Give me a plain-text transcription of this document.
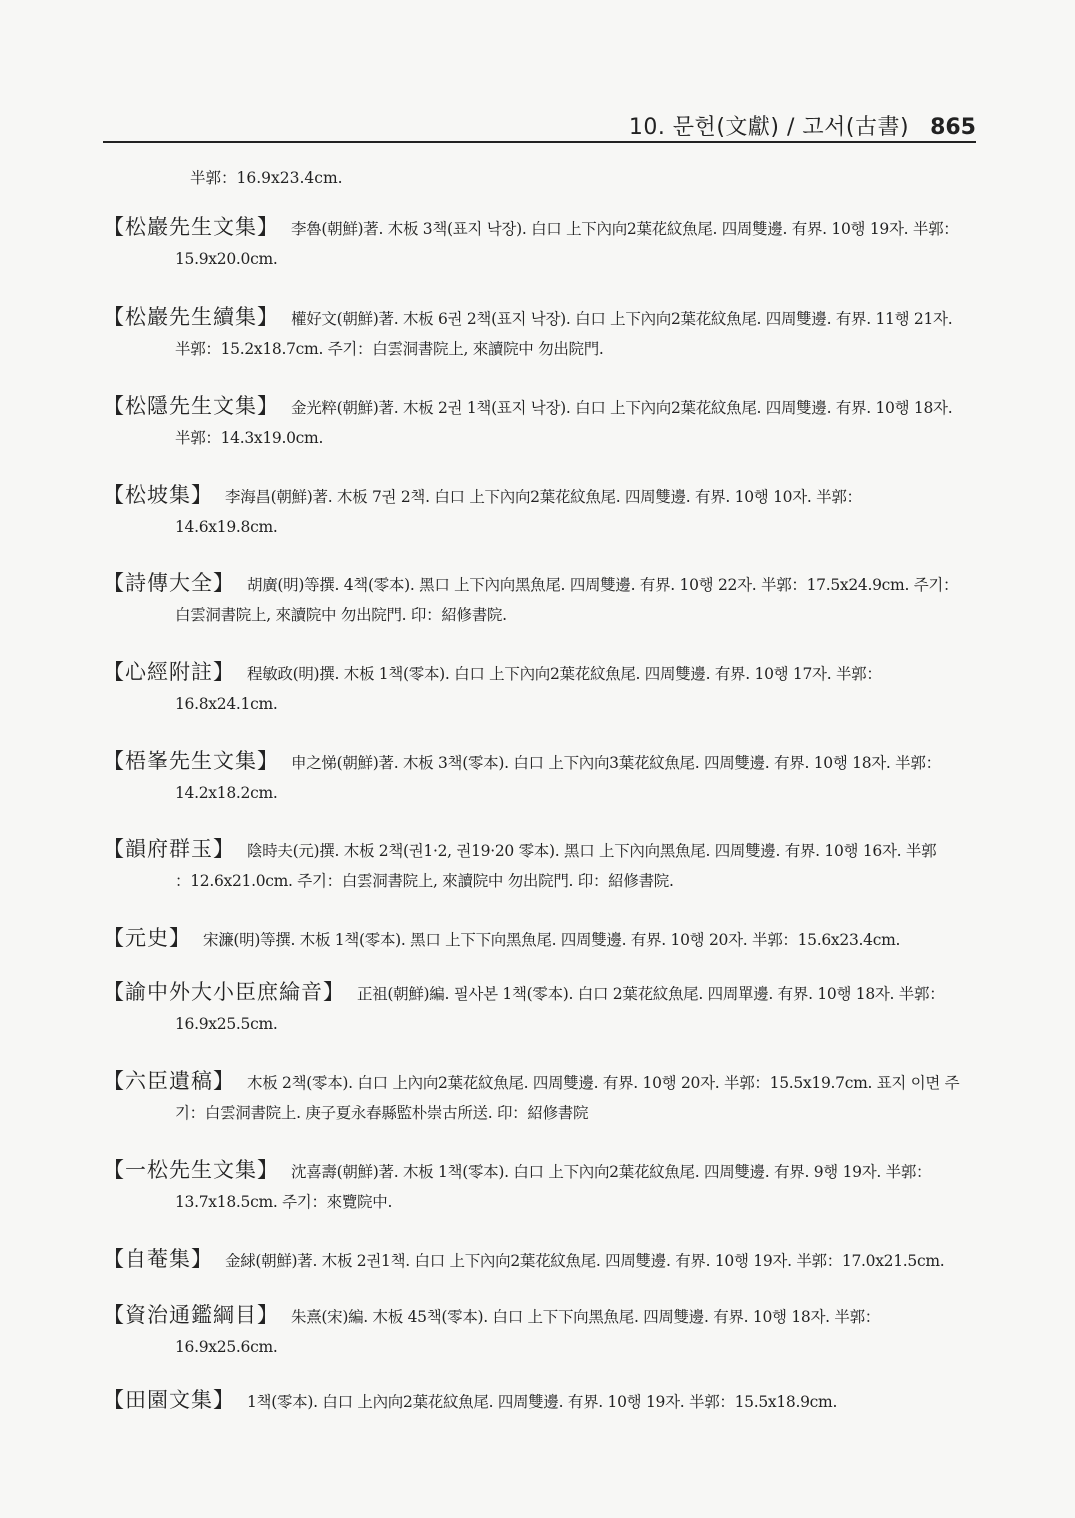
10. 문헌(文獻) / 고서(古書) 865
半郭：16.9x23.4cm.
【松巖先生文集】 李魯(朝鮮)著. 木板 3책(표지 낙장). 白口 上下內向2葉花紋魚尾. 四周雙邊. 有界. 10행 19자. 半郭：
15.9x20.0cm.
【松巖先生續集】 權好文(朝鮮)著. 木板 6권 2책(표지 낙장). 白口 上下內向2葉花紋魚尾. 四周雙邊. 有界. 11행 21자.
半郭：15.2x18.7cm. 주기：白雲洞書院上, 來讀院中 勿出院門.
【松隱先生文集】 金光粹(朝鮮)著. 木板 2권 1책(표지 낙장). 白口 上下內向2葉花紋魚尾. 四周雙邊. 有界. 10행 18자.
半郭：14.3x19.0cm.
【松坡集】 李海昌(朝鮮)著. 木板 7권 2책. 白口 上下內向2葉花紋魚尾. 四周雙邊. 有界. 10행 10자. 半郭：
14.6x19.8cm.
【詩傳大全】 胡廣(明)等撰. 4책(零本). 黑口 上下內向黑魚尾. 四周雙邊. 有界. 10행 22자. 半郭：17.5x24.9cm. 주기：
白雲洞書院上, 來讀院中 勿出院門. 印：紹修書院.
【心經附註】 程敏政(明)撰. 木板 1책(零本). 白口 上下內向2葉花紋魚尾. 四周雙邊. 有界. 10행 17자. 半郭：
16.8x24.1cm.
【梧峯先生文集】 申之悌(朝鮮)著. 木板 3책(零本). 白口 上下內向3葉花紋魚尾. 四周雙邊. 有界. 10행 18자. 半郭：
14.2x18.2cm.
【韻府群玉】 陰時夫(元)撰. 木板 2책(권1·2, 권19·20 零本). 黑口 上下內向黑魚尾. 四周雙邊. 有界. 10행 16자. 半郭
：12.6x21.0cm. 주기：白雲洞書院上, 來讀院中 勿出院門. 印：紹修書院.
【元史】 宋濂(明)等撰. 木板 1책(零本). 黑口 上下下向黑魚尾. 四周雙邊. 有界. 10행 20자. 半郭：15.6x23.4cm.
【諭中外大小臣庶綸音】 正祖(朝鮮)編. 필사본 1책(零本). 白口 2葉花紋魚尾. 四周單邊. 有界. 10행 18자. 半郭：
16.9x25.5cm.
【六臣遺稿】 木板 2책(零本). 白口 上內向2葉花紋魚尾. 四周雙邊. 有界. 10행 20자. 半郭：15.5x19.7cm. 표지 이면 주
기：白雲洞書院上. 庚子夏永春縣監朴崇古所送. 印：紹修書院
【一松先生文集】 沈喜壽(朝鮮)著. 木板 1책(零本). 白口 上下內向2葉花紋魚尾. 四周雙邊. 有界. 9행 19자. 半郭：
13.7x18.5cm. 주기：來覽院中.
【自菴集】 金絿(朝鮮)著. 木板 2권1책. 白口 上下內向2葉花紋魚尾. 四周雙邊. 有界. 10행 19자. 半郭：17.0x21.5cm.
【資治通鑑綱目】 朱熹(宋)編. 木板 45책(零本). 白口 上下下向黑魚尾. 四周雙邊. 有界. 10행 18자. 半郭：
16.9x25.6cm.
【田園文集】 1책(零本). 白口 上內向2葉花紋魚尾. 四周雙邊. 有界. 10행 19자. 半郭：15.5x18.9cm.
